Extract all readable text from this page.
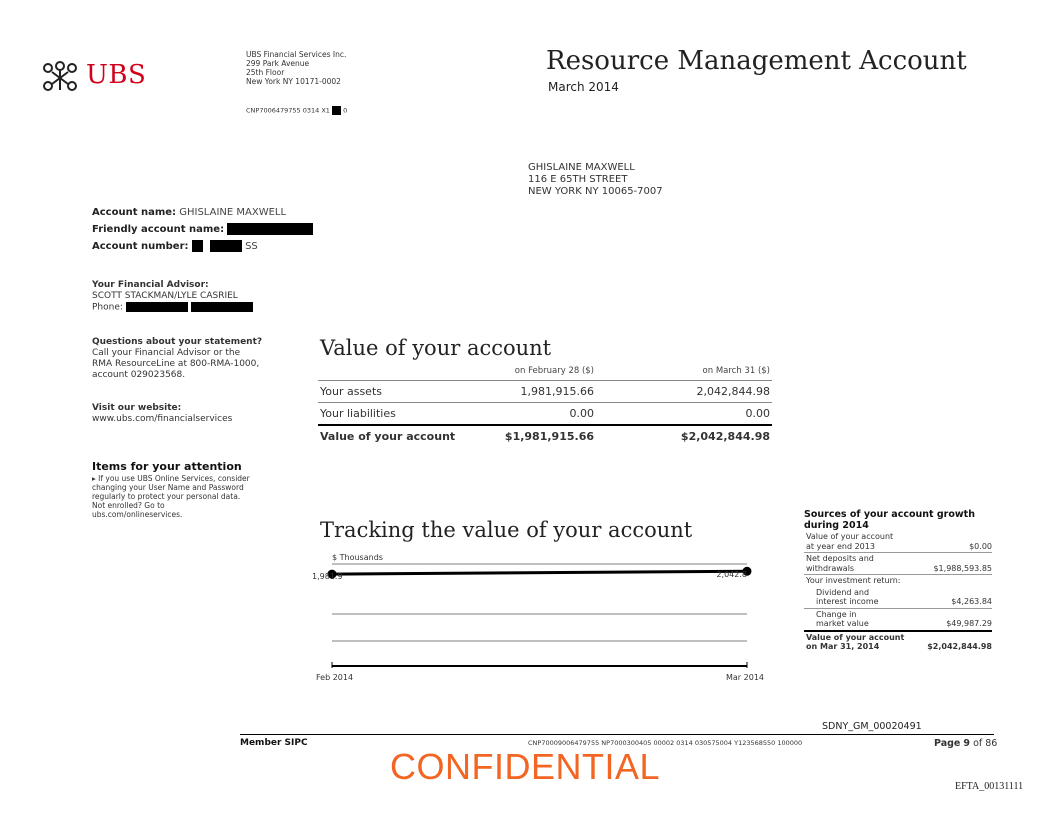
UBS
UBS Financial Services Inc.
299 Park Avenue
25th Floor
New York NY 10171-0002
CNP7006479755 0314 X1 0
Resource Management Account
March 2014
GHISLAINE MAXWELL
116 E 65TH STREET
NEW YORK NY 10065-7007
Account name: GHISLAINE MAXWELL
Friendly account name:
Account number:	SS
Your Financial Advisor:
SCOTT STACKMAN/LYLE CASRIEL
Phone:
Questions about your statement?
Call your Financial Advisor or the
RMA ResourceLine at 800-RMA-1000,
account 029023568.
Visit our website:
www.ubs.com/financialservices
Items for your attention
▸ If you use UBS Online Services, consider
changing your User Name and Password
regularly to protect your personal data.
Not enrolled? Go to
ubs.com/onlineservices.
Value of your account
on February 28 ($)	on March 31 ($)
Your assets	1,981,915.66	2,042,844.98
Your liabilities	0.00	0.00
Value of your account	$1,981,915.66	$2,042,844.98
Tracking the value of your account
$ Thousands
1,981.9	2,042.8
Feb 2014	Mar 2014
Sources of your account growth
during 2014
Value of your account
at year end 2013	$0.00
Net deposits and
withdrawals	$1,988,593.85
Your investment return:
Dividend and
interest income	$4,263.84
Change in
market value	$49,987.29
Value of your account
on Mar 31, 2014	$2,042,844.98
SDNY_GM_00020491
Member SIPC	CNP70009006479755 NP7000300405 00002 0314 030575004 Y123568550 100000	Page 9 of 86
CONFIDENTIAL	EFTA_00131111
